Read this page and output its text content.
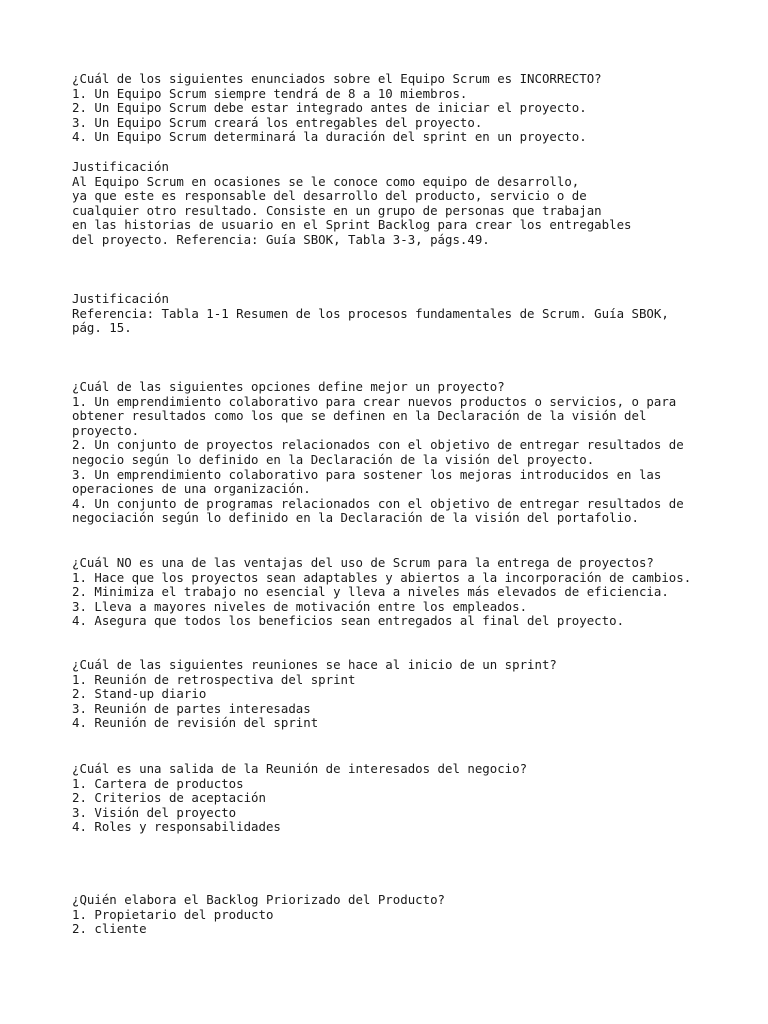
¿Cuál de los siguientes enunciados sobre el Equipo Scrum es INCORRECTO?
1. Un Equipo Scrum siempre tendrá de 8 a 10 miembros.
2. Un Equipo Scrum debe estar integrado antes de iniciar el proyecto.
3. Un Equipo Scrum creará los entregables del proyecto.
4. Un Equipo Scrum determinará la duración del sprint en un proyecto.
Justificación
Al Equipo Scrum en ocasiones se le conoce como equipo de desarrollo,
ya que este es responsable del desarrollo del producto, servicio o de
cualquier otro resultado. Consiste en un grupo de personas que trabajan
en las historias de usuario en el Sprint Backlog para crear los entregables
del proyecto. Referencia: Guía SBOK, Tabla 3-3, págs.49.
Justificación
Referencia: Tabla 1-1 Resumen de los procesos fundamentales de Scrum. Guía SBOK,
pág. 15.
¿Cuál de las siguientes opciones define mejor un proyecto?
1. Un emprendimiento colaborativo para crear nuevos productos o servicios, o para
obtener resultados como los que se definen en la Declaración de la visión del
proyecto.
2. Un conjunto de proyectos relacionados con el objetivo de entregar resultados de
negocio según lo definido en la Declaración de la visión del proyecto.
3. Un emprendimiento colaborativo para sostener los mejoras introducidos en las
operaciones de una organización.
4. Un conjunto de programas relacionados con el objetivo de entregar resultados de
negociación según lo definido en la Declaración de la visión del portafolio.
¿Cuál NO es una de las ventajas del uso de Scrum para la entrega de proyectos?
1. Hace que los proyectos sean adaptables y abiertos a la incorporación de cambios.
2. Minimiza el trabajo no esencial y lleva a niveles más elevados de eficiencia.
3. Lleva a mayores niveles de motivación entre los empleados.
4. Asegura que todos los beneficios sean entregados al final del proyecto.
¿Cuál de las siguientes reuniones se hace al inicio de un sprint?
1. Reunión de retrospectiva del sprint
2. Stand-up diario
3. Reunión de partes interesadas
4. Reunión de revisión del sprint
¿Cuál es una salida de la Reunión de interesados del negocio?
1. Cartera de productos
2. Criterios de aceptación
3. Visión del proyecto
4. Roles y responsabilidades
¿Quién elabora el Backlog Priorizado del Producto?
1. Propietario del producto
2. cliente
